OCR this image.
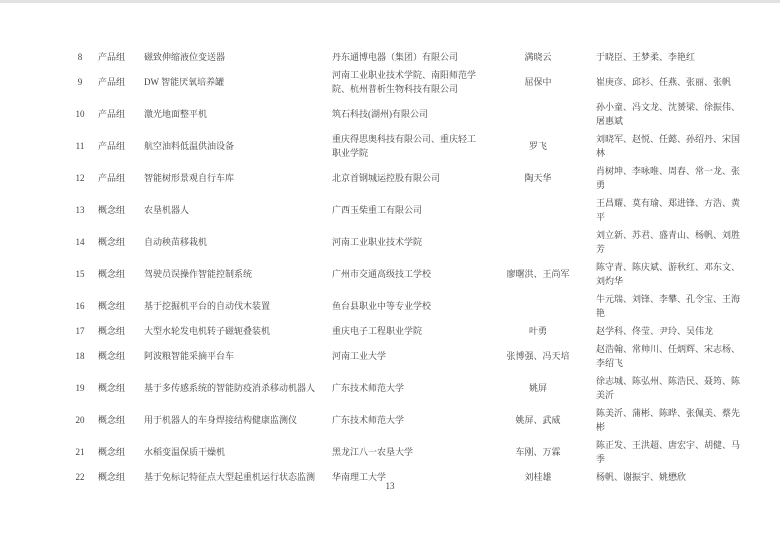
8	产品组	磁致伸缩液位变送器	丹东通博电器（集团）有限公司	满晓云	于晓臣、王梦柔、李艳红
9	产品组	DW 智能厌氧培养罐	河南工业职业技术学院、南阳师范学院、杭州普析生物科技有限公司	屈保中	崔庚彦、邱衫、任燕、张丽、张帆
10	产品组	激光地面整平机	筑石科技(湖州)有限公司		孙小童、冯文龙、沈赟梁、徐振伟、屠惠斌
11	产品组	航空油料低温供油设备	重庆得思奥科技有限公司、重庆轻工职业学院	罗飞	刘晓军、赵悦、任懿、孙绍丹、宋国林
12	产品组	智能树形景观自行车库	北京首钢城运控股有限公司	陶天华	肖树坤、李咏唯、周春、常一龙、张勇
13	概念组	农垦机器人	广西玉柴重工有限公司		王昌耀、莫有瑜、郑进锋、方浩、黄平
14	概念组	自动秧苗移栽机	河南工业职业技术学院		刘立新、苏君、盛青山、杨帆、刘胜芳
15	概念组	驾驶员误操作智能控制系统	广州市交通高级技工学校	廖曙洪、王尚军	陈守青、陈庆斌、游秋红、邓东文、刘灼华
16	概念组	基于挖掘机平台的自动伐木装置	鱼台县职业中等专业学校		牛元瑞、刘锋、李攀、孔令宝、王海艳
17	概念组	大型水轮发电机转子磁轭叠装机	重庆电子工程职业学院	叶勇	赵学科、佟莹、尹玲、吴伟龙
18	概念组	阿波粮智能采摘平台车	河南工业大学	张博强、冯天培	赵浩翰、常帅川、任炳辉、宋志杨、李绍飞
19	概念组	基于多传感系统的智能防疫消杀移动机器人	广东技术师范大学	姚屏	徐志城、陈弘州、陈浩民、聂筠、陈美沂
20	概念组	用于机器人的车身焊接结构健康监测仪	广东技术师范大学	姚屏、武威	陈美沂、蒲彬、陈晔、张佩美、蔡先彬
21	概念组	水稻变温保质干燥机	黑龙江八一农垦大学	车刚、万霖	陈正发、王洪超、唐宏宇、胡健、马季
22	概念组	基于免标记特征点大型起重机运行状态监测	华南理工大学	刘桂雄	杨帆、谢振宇、姚懋欣
13
